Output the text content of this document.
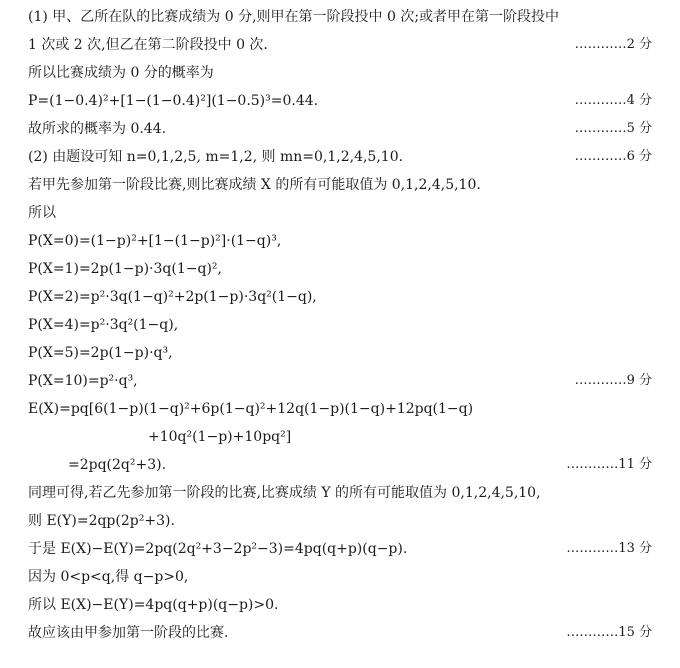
(1) 甲、乙所在队的比赛成绩为 0 分,则甲在第一阶段投中 0 次;或者甲在第一阶段投中
1 次或 2 次,但乙在第二阶段投中 0 次.	…………2 分
所以比赛成绩为 0 分的概率为
P=(1−0.4)²+[1−(1−0.4)²](1−0.5)³=0.44.	…………4 分
故所求的概率为 0.44.	…………5 分
(2) 由题设可知 n=0,1,2,5, m=1,2, 则 mn=0,1,2,4,5,10.	…………6 分
若甲先参加第一阶段比赛,则比赛成绩 X 的所有可能取值为 0,1,2,4,5,10.
所以
P(X=0)=(1−p)²+[1−(1−p)²]·(1−q)³,
P(X=1)=2p(1−p)·3q(1−q)²,
P(X=2)=p²·3q(1−q)²+2p(1−p)·3q²(1−q),
P(X=4)=p²·3q²(1−q),
P(X=5)=2p(1−p)·q³,
P(X=10)=p²·q³,	…………9 分
E(X)=pq[6(1−p)(1−q)²+6p(1−q)²+12q(1−p)(1−q)+12pq(1−q)
+10q²(1−p)+10pq²]
=2pq(2q²+3).	…………11 分
同理可得,若乙先参加第一阶段的比赛,比赛成绩 Y 的所有可能取值为 0,1,2,4,5,10,
则 E(Y)=2qp(2p²+3).
于是 E(X)−E(Y)=2pq(2q²+3−2p²−3)=4pq(q+p)(q−p).	…………13 分
因为 0<p<q,得 q−p>0,
所以 E(X)−E(Y)=4pq(q+p)(q−p)>0.
故应该由甲参加第一阶段的比赛.	…………15 分
